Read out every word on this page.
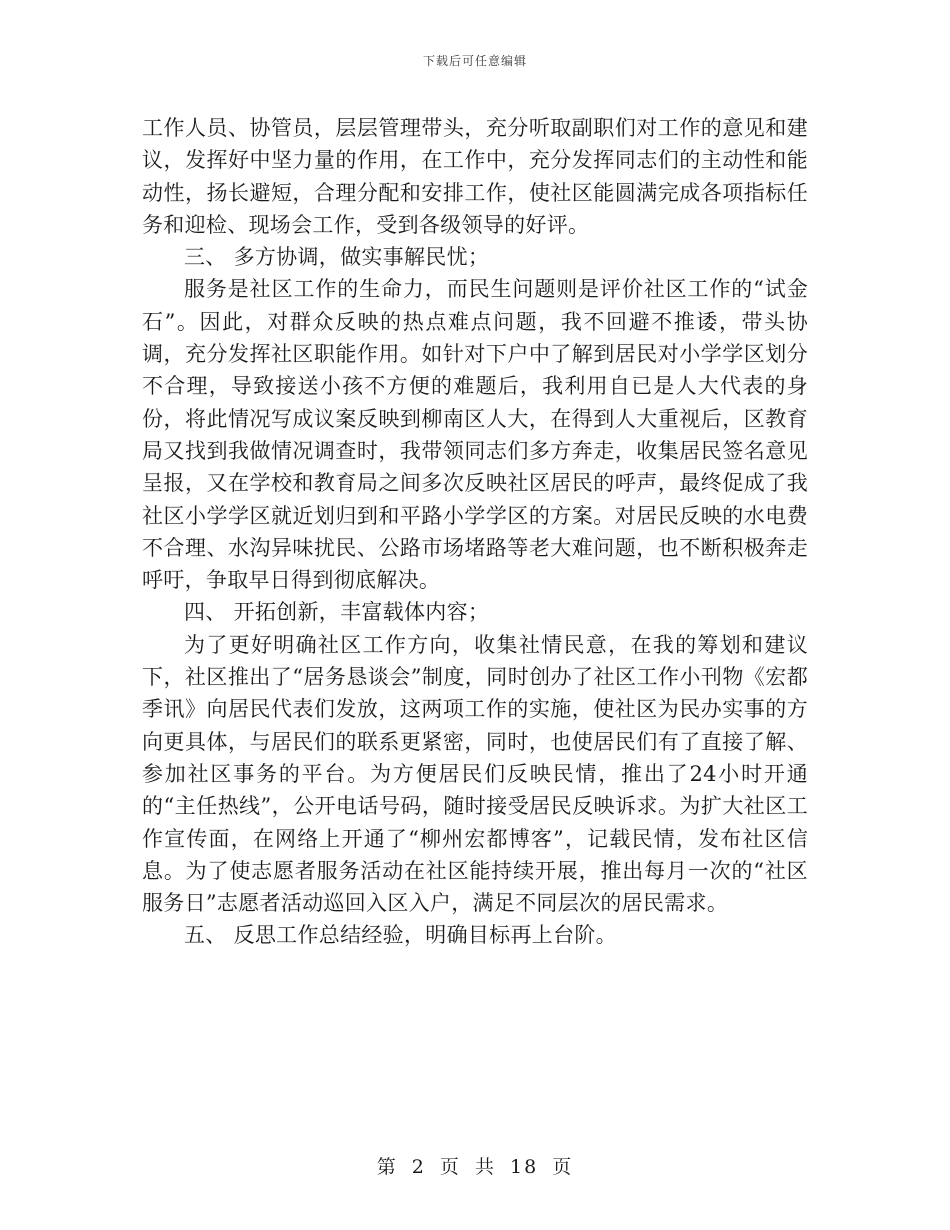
下载后可任意编辑

工作人员、协管员，层层管理带头，充分听取副职们对工作的意见和建议，发挥好中坚力量的作用，在工作中，充分发挥同志们的主动性和能动性，扬长避短，合理分配和安排工作，使社区能圆满完成各项指标任务和迎检、现场会工作，受到各级领导的好评。

三、 多方协调，做实事解民忧；

服务是社区工作的生命力，而民生问题则是评价社区工作的“试金石”。因此，对群众反映的热点难点问题，我不回避不推诿，带头协调，充分发挥社区职能作用。如针对下户中了解到居民对小学学区划分不合理，导致接送小孩不方便的难题后，我利用自已是人大代表的身份，将此情况写成议案反映到柳南区人大，在得到人大重视后，区教育局又找到我做情况调查时，我带领同志们多方奔走，收集居民签名意见呈报，又在学校和教育局之间多次反映社区居民的呼声，最终促成了我社区小学学区就近划归到和平路小学学区的方案。对居民反映的水电费不合理、水沟异味扰民、公路市场堵路等老大难问题，也不断积极奔走呼吁，争取早日得到彻底解决。

四、 开拓创新，丰富载体内容；

为了更好明确社区工作方向，收集社情民意，在我的筹划和建议下，社区推出了“居务恳谈会”制度，同时创办了社区工作小刊物《宏都季讯》向居民代表们发放，这两项工作的实施，使社区为民办实事的方向更具体，与居民们的联系更紧密，同时，也使居民们有了直接了解、参加社区事务的平台。为方便居民们反映民情，推出了24小时开通的“主任热线”，公开电话号码，随时接受居民反映诉求。为扩大社区工作宣传面，在网络上开通了“柳州宏都博客”，记载民情，发布社区信息。为了使志愿者服务活动在社区能持续开展，推出每月一次的“社区服务日”志愿者活动巡回入区入户，满足不同层次的居民需求。

五、 反思工作总结经验，明确目标再上台阶。

第 2 页 共 18 页
